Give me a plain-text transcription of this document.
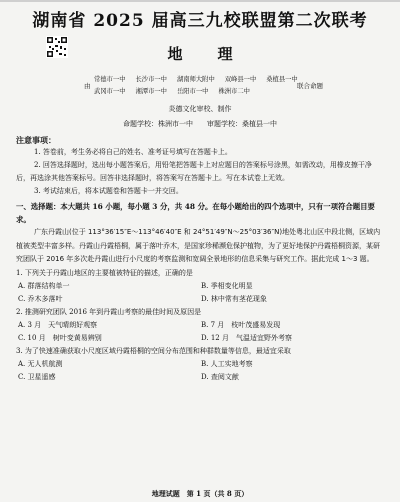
湖南省 2025 届高三九校联盟第二次联考
地　理
由
常德市一中 长沙市一中 湖南师大附中 双峰县一中 桑植县一中
武冈市一中 湘潭市一中 岳阳市一中 株洲市二中
联合命题
炎德文化审校、制作
命题学校：株洲市一中　　审题学校：桑植县一中
注意事项：
1. 答卷前，考生务必将自己的姓名、准考证号填写在答题卡上。
2. 回答选择题时，选出每小题答案后，用铅笔把答题卡上对应题目的答案标号涂黑，如需改动，用橡皮擦干净后，再选涂其他答案标号。回答非选择题时，将答案写在答题卡上。写在本试卷上无效。
3. 考试结束后，将本试题卷和答题卡一并交回。
一、选择题：本大题共 16 小题，每小题 3 分，共 48 分。在每小题给出的四个选项中，只有一项符合题目要求。
广东丹霞山(位于 113°36′15″E～113°46′40″E 和 24°51′49″N～25°03′36″N)地处粤北山区中段北侧，区域内植被类型丰富多样。丹霞山丹霞梧桐，属于落叶乔木，是国家珍稀濒危保护植物，为了更好地保护丹霞梧桐资源，某研究团队于 2016 年多次赴丹霞山进行小尺度的考察监测和宽阔全景地形的信息采集与研究工作。据此完成 1～3 题。
1. 下列关于丹霞山地区的主要植被特征的描述，正确的是
A. 群落结构单一	B. 季相变化明显
C. 乔木多落叶	D. 林中常有茎花现象
2. 推测研究团队 2016 年到丹霞山考察的最佳时间及原因是
A. 3 月　天气晴朗好观察	B. 7 月　枝叶茂盛易发现
C. 10 月　树叶变黄易辨别	D. 12 月　气温适宜野外考察
3. 为了快速准确获取小尺度区域丹霞梧桐的空间分布范围和种群数量等信息，最适宜采取
A. 无人机航测	B. 人工实地考察
C. 卫星遥感	D. 查阅文献
地理试题　第 1 页（共 8 页）
